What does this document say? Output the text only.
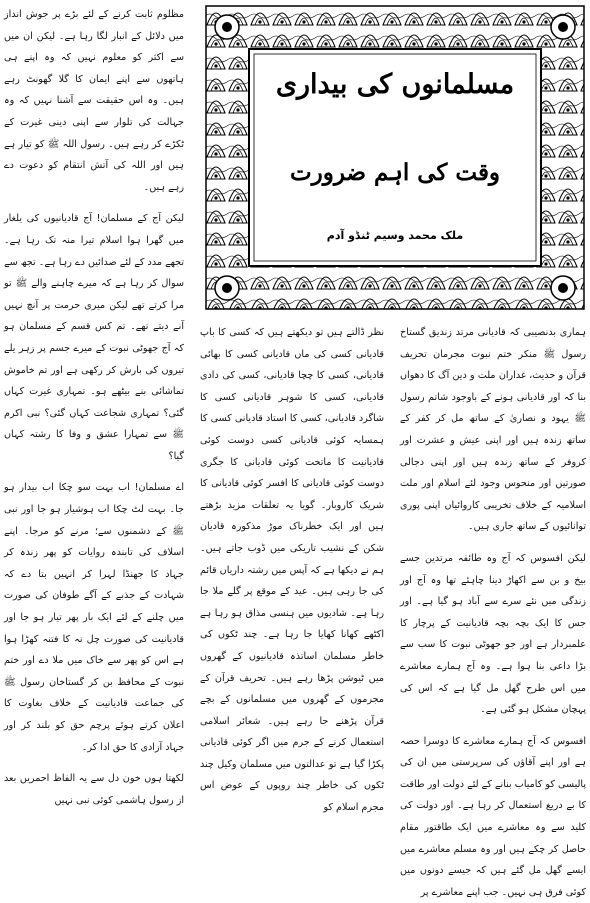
مظلوم ثابت کرنے کے لئے بڑے پر جوش انداز میں دلائل کے انبار لگا رہا ہے۔ لیکن ان میں سے اکثر کو معلوم نہیں کہ وہ اپنے ہی ہاتھوں سے اپنے ایمان کا گلا گھونٹ رہے ہیں۔ وہ اس حقیقت سے آشنا نہیں کہ وہ جہالت کی تلوار سے اپنی دینی غیرت کے ٹکڑے کر رہے ہیں۔ رسول اللہ ﷺ کو تیار ہے ہیں اور اللہ کی آتش انتقام کو دعوت دے رہے ہیں۔

لیکن آج کے مسلمان! آج قادیانیوں کی یلغار میں گھرا ہوا اسلام تیرا منہ تک رہا ہے۔ تجھے مدد کے لئے صدائیں دے رہا ہے۔ تجھ سے سوال کر رہا ہے کہ میرے چاہنے والے ﷺ تو مرا کرتے تھے لیکن میری حرمت پر آنچ نہیں آنے دیتے تھے۔ تم کس قسم کے مسلمان ہو کہ آج جھوٹی نبوت کے میرے جسم پر زہر یلے تیروں کی بارش کر رکھی ہے اور تم خاموش تماشائی بنے بیٹھے ہو۔ تمہاری غیرت کہاں گئی؟ تمہاری شجاعت کہاں گئی؟ نبی اکرم ﷺ سے تمہارا عشق و وفا کا رشتہ کہاں گیا؟

اے مسلمان! اب بہت سو چکا اب بیدار ہو جا۔ بہت لٹ چکا اب ہوشیار ہو جا اور نبی ﷺ کے دشمنوں سے؛ مرنے کو مرجا۔ اپنے اسلاف کی تابندہ روایات کو پھر زندہ کر جہاد کا جھنڈا لہرا کر انہیں بتا دے کہ شہادت کے جذبے کے آگے طوفان کی صورت میں چلنے کے لئے ایک بار پھر تیار ہو جا اور قادیانیت کی صورت چل نہ کا فتنہ کھڑا ہوا ہے اس کو پھر سے خاک میں ملا دے اور ختم نبوت کے محافظ بن کر گستاخان رسول ﷺ کی جماعت قادیانیت کے خلاف بغاوت کا اعلان کرتے ہوئے پرچم حق کو بلند کر اور جہاد آزادی کا حق ادا کر۔

لکھتا ہوں خون دل سے یہ الفاظ احمریں بعد از رسول ہاشمی کوئی نبی نہیں

مسلمانوں کی بیداری
وقت کی اہم ضرورت
ملک محمد وسیم ٹنڈو آدم

نظر ڈالتے ہیں تو دیکھتے ہیں کہ کسی کا باپ قادیانی کسی کی ماں قادیانی کسی کا بھائی قادیانی، کسی کا چچا قادیانی، کسی کی دادی قادیانی، کسی کا شوہر قادیانی کسی کا شاگرد قادیانی، کسی کا استاد قادیانی کسی کا ہمسایہ کوئی قادیانی کسی دوست کوئی قادیانیت کا ماتحت کوئی قادیانی کا جگری دوست کوئی قادیانی کا افسر کوئی قادیانی کا شریک کاروبار۔ گویا یہ تعلقات مزید بڑھتے ہیں اور ایک خطرناک موڑ مذکورہ قادیان شکن کے نشیب تاریکی میں ڈوب جاتے ہیں۔ ہم نے دیکھا ہے کہ آپس میں رشتہ داریاں قائم کی جا رہی ہیں۔ عید کے موقع پر گلے ملا جا رہا ہے۔ شادیوں میں ہنسی مذاق ہو رہا ہے اکٹھے کھانا کھایا جا رہا ہے۔ چند ٹکوں کی خاطر مسلمان اساتذہ قادیانیوں کے گھروں میں ٹیوشن پڑھا رہے ہیں۔ تحریف قرآن کے مجرموں کے گھروں میں مسلمانوں کے بچے قرآن پڑھنے جا رہے ہیں۔ شعائر اسلامی استعمال کرنے کے جرم میں اگر کوئی قادیانی پکڑا گیا ہے تو عدالتوں میں مسلمان وکیل چند ٹکوں کی خاطر چند روپوں کے عوض اس مجرم اسلام کو

ہماری بدنصیبی کہ قادیانی مرتد زندیق گستاخ رسول ﷺ منکر ختم نبوت مجرمان تحریف قرآن و حدیث، غداران ملت و دین آگ کا دھواں بنا کہ اور قادیانی ہونے کے باوجود شاتم رسول ﷺ یہود و نصاریٰ کے ساتھ مل کر کفر کے ساتھ زندہ ہیں اور اپنی عیش و عشرت اور کروفر کے ساتھ زندہ ہیں اور اپنی دجالی صورتیں اور منحوس وجود لئے اسلام اور ملت اسلامیہ کے خلاف تخریبی کاروائیاں اپنی پوری توانائیوں کے ساتھ جاری ہیں۔

لیکن افسوس کہ آج وہ طائفہ مرتدین جسے بیخ و بن سے اکھاڑ دینا چاہئے تھا وہ آج اور زندگی میں نئے سرے سے آباد ہو گیا ہے۔ اور جس کا ایک بچہ بچہ قادیانیت کے پرچار کا علمبردار ہے اور جو جھوٹی نبوت کا سب سے بڑا داعی بنا ہوا ہے۔ وہ آج ہمارے معاشرے میں اس طرح گھل مل گیا ہے کہ اس کی پہچان مشکل ہو گئی ہے۔

افسوس کہ آج ہمارے معاشرے کا دوسرا حصہ ہے اور اپنے آقاؤں کی سرپرستی میں ان کی پالیسی کو کامیاب بنانے کے لئے دولت اور طاقت کا بے دریغ استعمال کر رہا ہے۔ اور دولت کی کلید سے وہ معاشرے میں ایک طاقتور مقام حاصل کر چکے ہیں اور وہ مسلم معاشرے میں ایسے گھل مل گئے ہیں کہ جیسے دونوں میں کوئی فرق ہی نہیں۔ جب اپنے معاشرے پر
